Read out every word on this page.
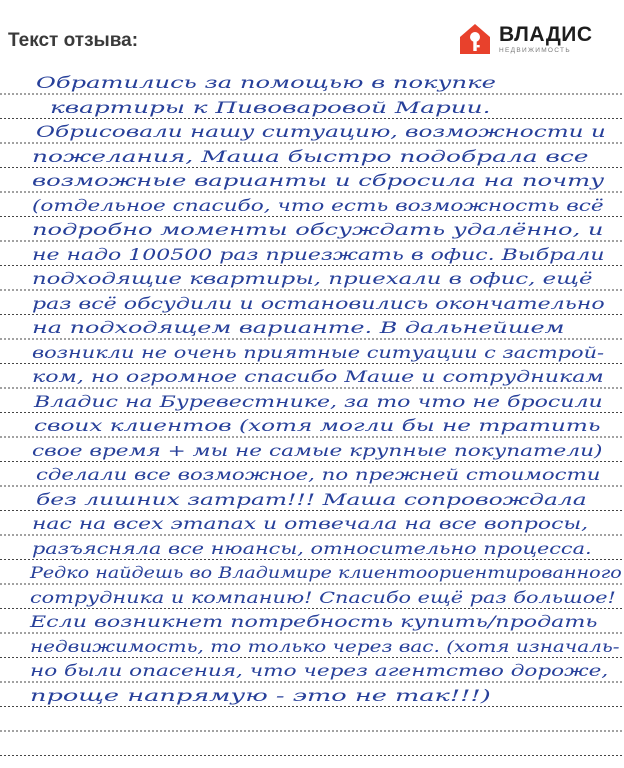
Текст отзыва:	ВЛАДИС
НЕДВИЖИМОСТЬ
Обратились за помощью в покупке
квартиры к Пивоваровой Марии.
Обрисовали нашу ситуацию, возможности и
пожелания, Маша быстро подобрала все
возможные варианты и сбросила на почту
(отдельное спасибо, что есть возможность всё
подробно моменты обсуждать удалённо, и
не надо 100500 раз приезжать в офис. Выбрали
подходящие квартиры, приехали в офис, ещё
раз всё обсудили и остановились окончательно
на подходящем варианте. В дальнейшем
возникли не очень приятные ситуации с застрой-
ком, но огромное спасибо Маше и сотрудникам
Владис на Буревестнике, за то что не бросили
своих клиентов (хотя могли бы не тратить
свое время + мы не самые крупные покупатели)
сделали все возможное, по прежней стоимости
без лишних затрат!!! Маша сопровождала
нас на всех этапах и отвечала на все вопросы,
разъясняла все нюансы, относительно процесса.
Редко найдешь во Владимире клиентоориентированного
сотрудника и компанию! Спасибо ещё раз большое!
Если возникнет потребность купить/продать
недвижимость, то только через вас. (хотя изначаль-
но были опасения, что через агентство дороже,
проще напрямую - это не так!!!)
